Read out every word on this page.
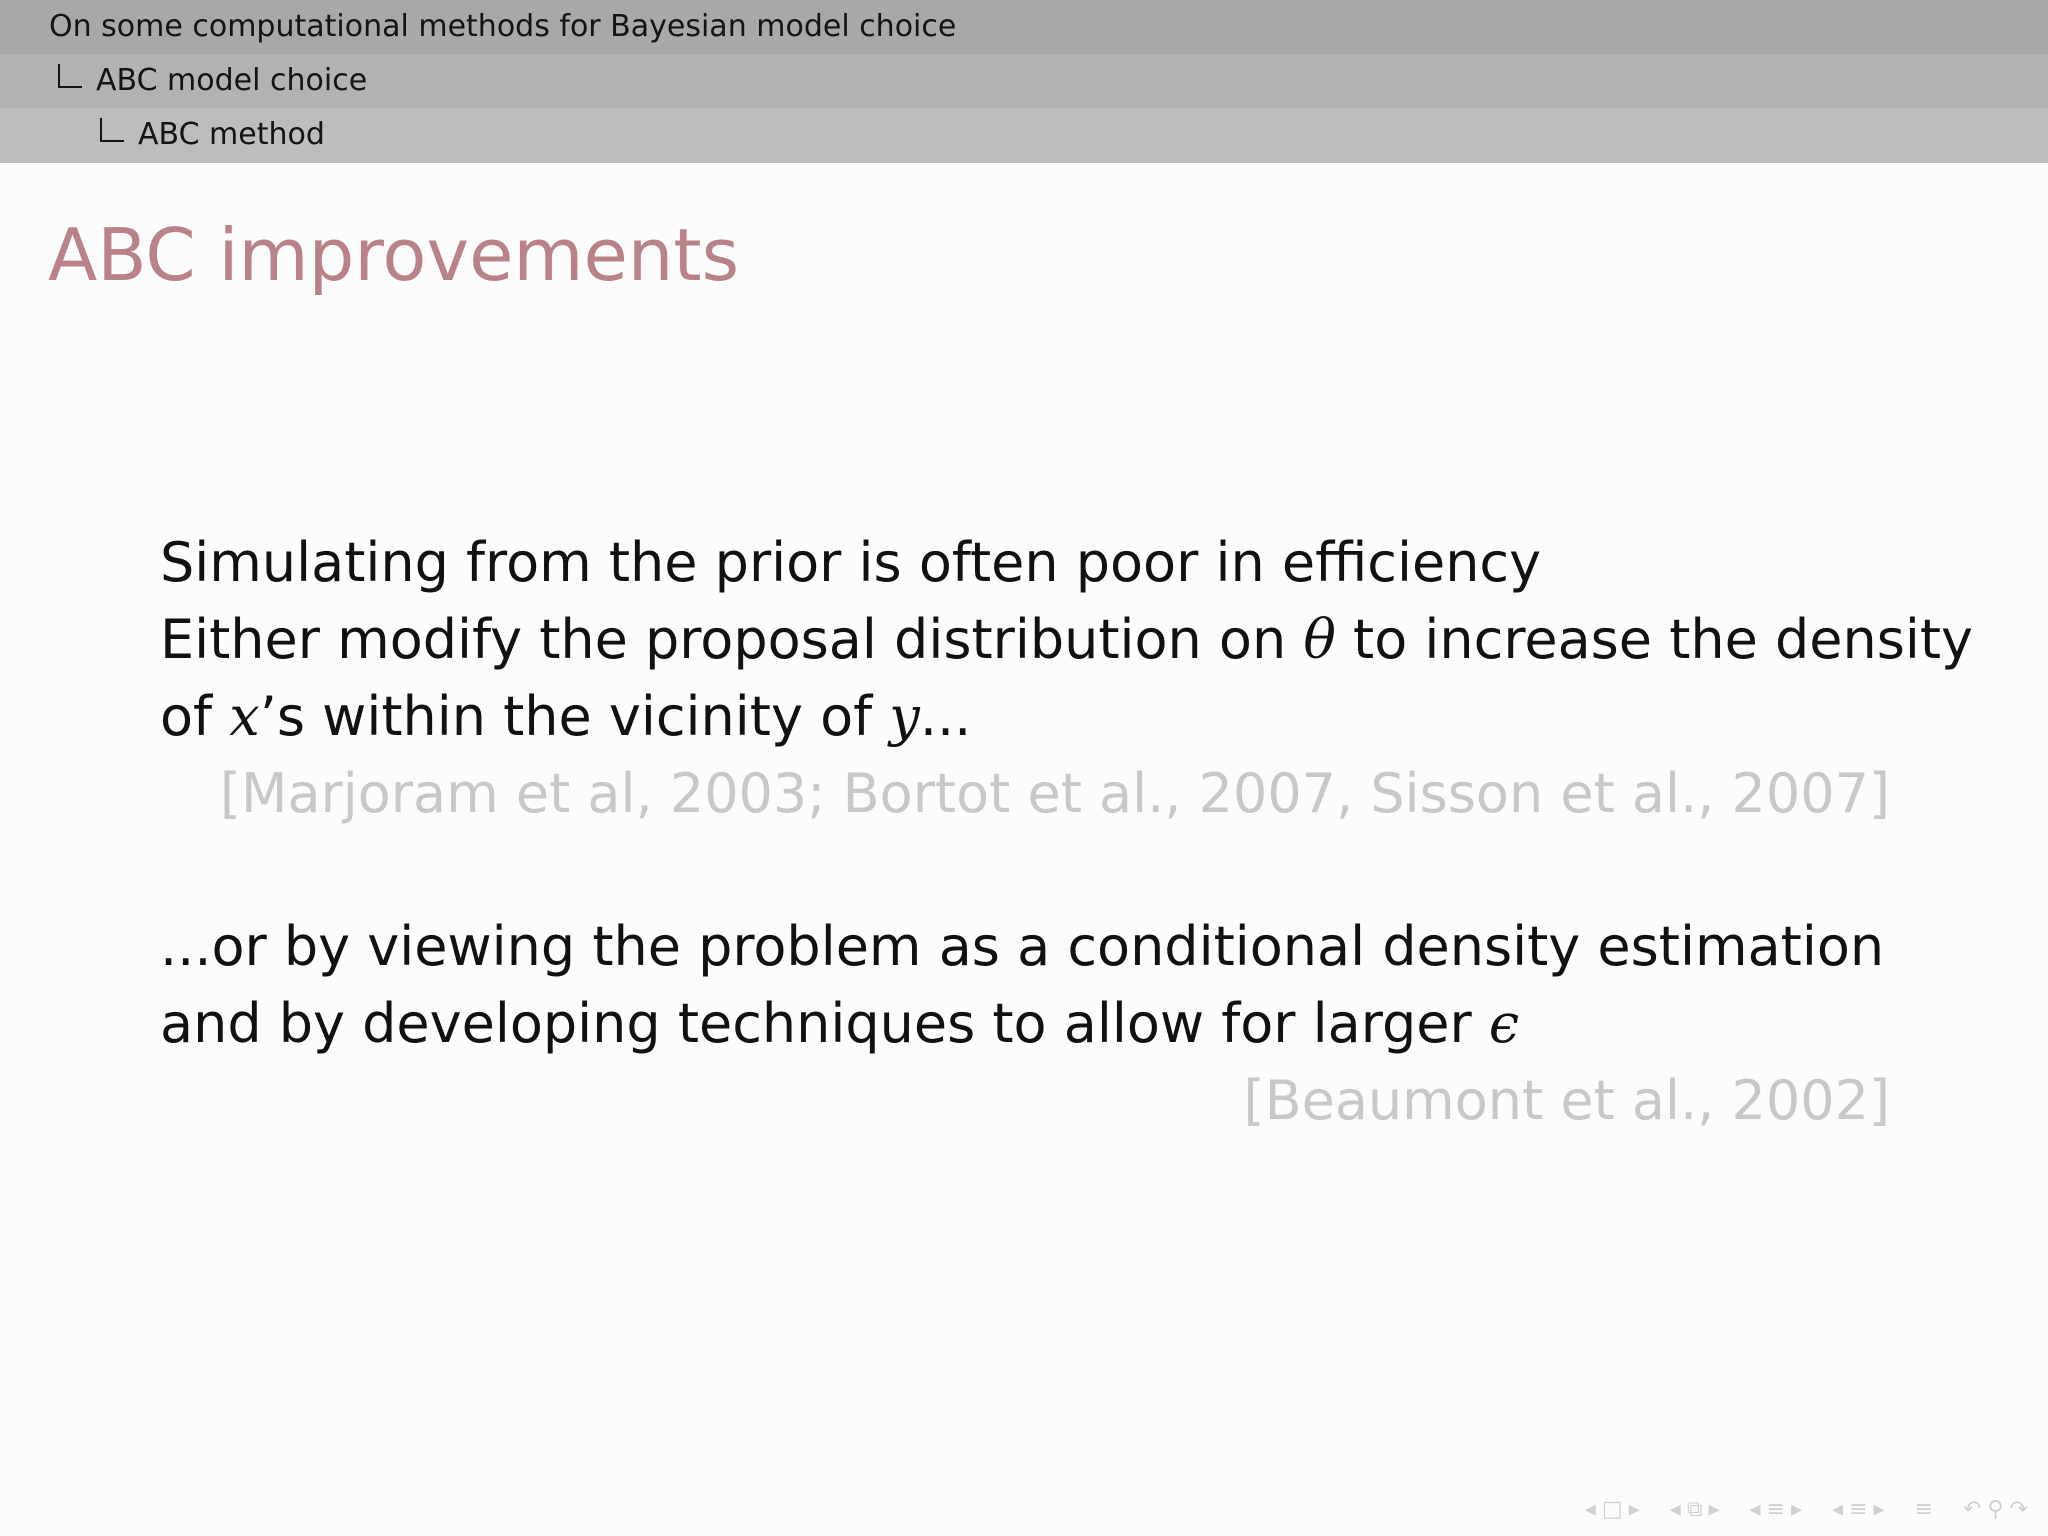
On some computational methods for Bayesian model choice
ABC model choice
ABC method
ABC improvements
Simulating from the prior is often poor in efficiency
Either modify the proposal distribution on θ to increase the density
of x’s within the vicinity of y...
[Marjoram et al, 2003; Bortot et al., 2007, Sisson et al., 2007]
...or by viewing the problem as a conditional density estimation
and by developing techniques to allow for larger ϵ
[Beaumont et al., 2002]
◂ □ ▸ ◂ ⧉ ▸ ◂ ≡ ▸ ◂ ≡ ▸ ≡ ↶ ⚲ ↷
